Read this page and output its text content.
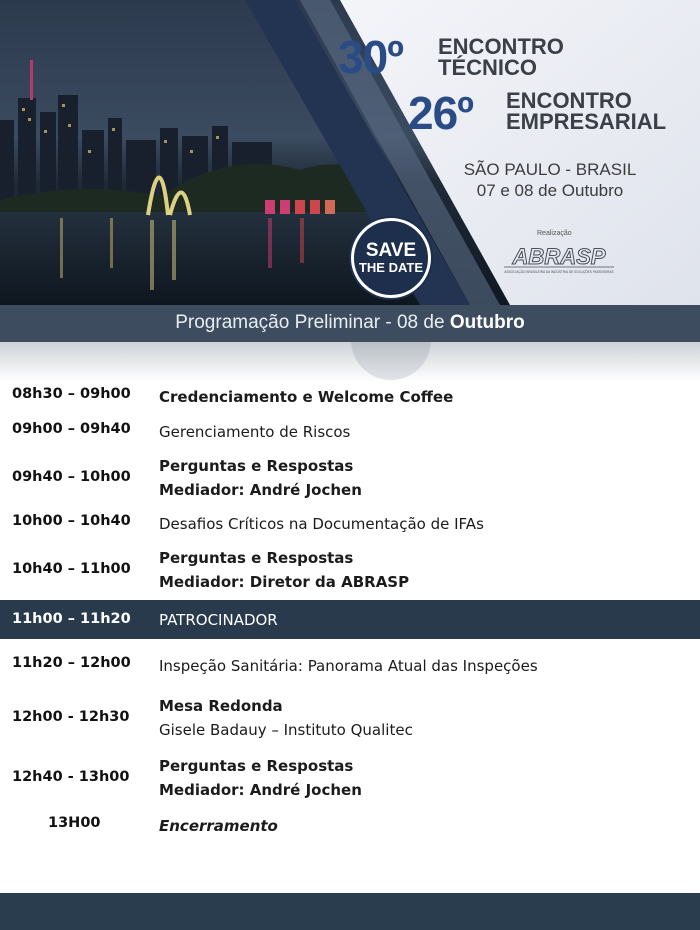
30º ENCONTRO
TÉCNICO
26º ENCONTRO
EMPRESARIAL
SÃO PAULO - BRASIL
07 e 08 de Outubro
SAVE
THE DATE
Realização
ABRASP
ASSOCIAÇÃO BRASILEIRA DA INDÚSTRIA DE SOLUÇÕES PASSIVEIRAS
Programação Preliminar - 08 de Outubro
08h30 – 09h00 Credenciamento e Welcome Coffee
09h00 – 09h40 Gerenciamento de Riscos
09h40 – 10h00
Perguntas e Respostas
Mediador: André Jochen
10h00 – 10h40 Desafios Críticos na Documentação de IFAs
10h40 – 11h00
Perguntas e Respostas
Mediador: Diretor da ABRASP
11h00 – 11h20 PATROCINADOR
11h20 – 12h00 Inspeção Sanitária: Panorama Atual das Inspeções
12h00 - 12h30
Mesa Redonda
Gisele Badauy – Instituto Qualitec
12h40 - 13h00
Perguntas e Respostas
Mediador: André Jochen
13H00	Encerramento
